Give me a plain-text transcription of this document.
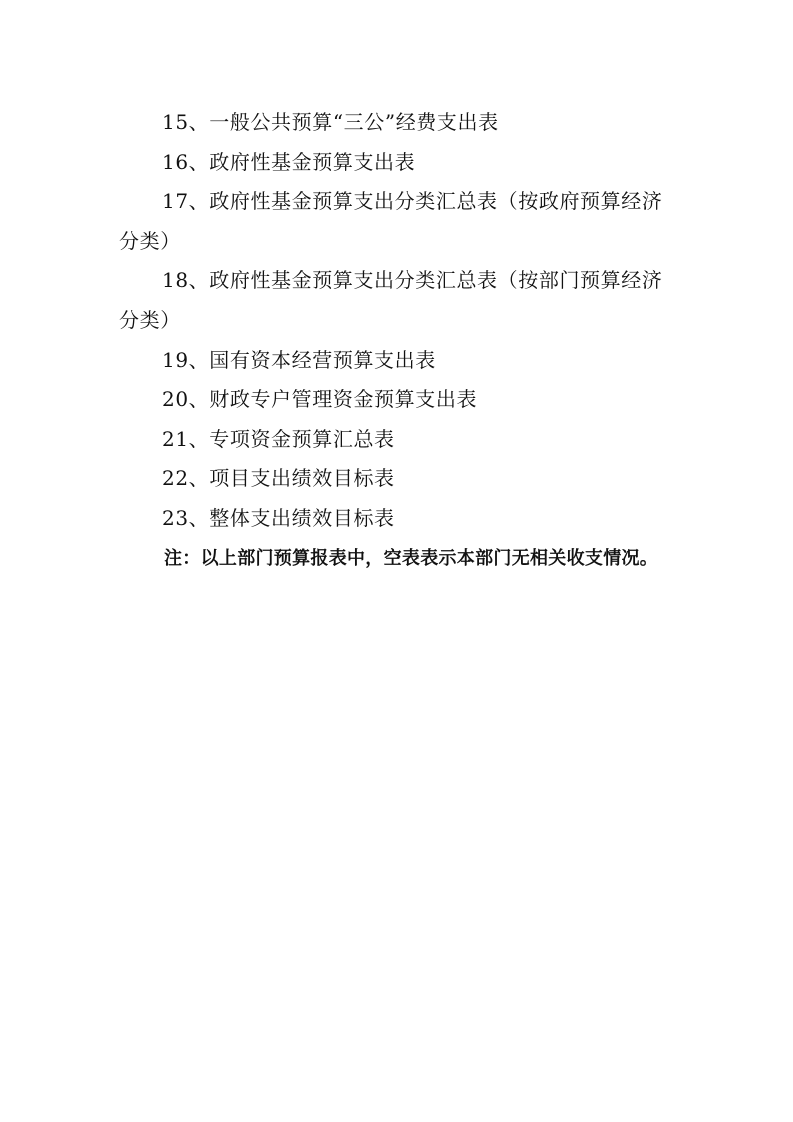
15、一般公共预算“三公”经费支出表

16、政府性基金预算支出表

17、政府性基金预算支出分类汇总表（按政府预算经济分类）

18、政府性基金预算支出分类汇总表（按部门预算经济分类）

19、国有资本经营预算支出表

20、财政专户管理资金预算支出表

21、专项资金预算汇总表

22、项目支出绩效目标表

23、整体支出绩效目标表

注：以上部门预算报表中，空表表示本部门无相关收支情况。
